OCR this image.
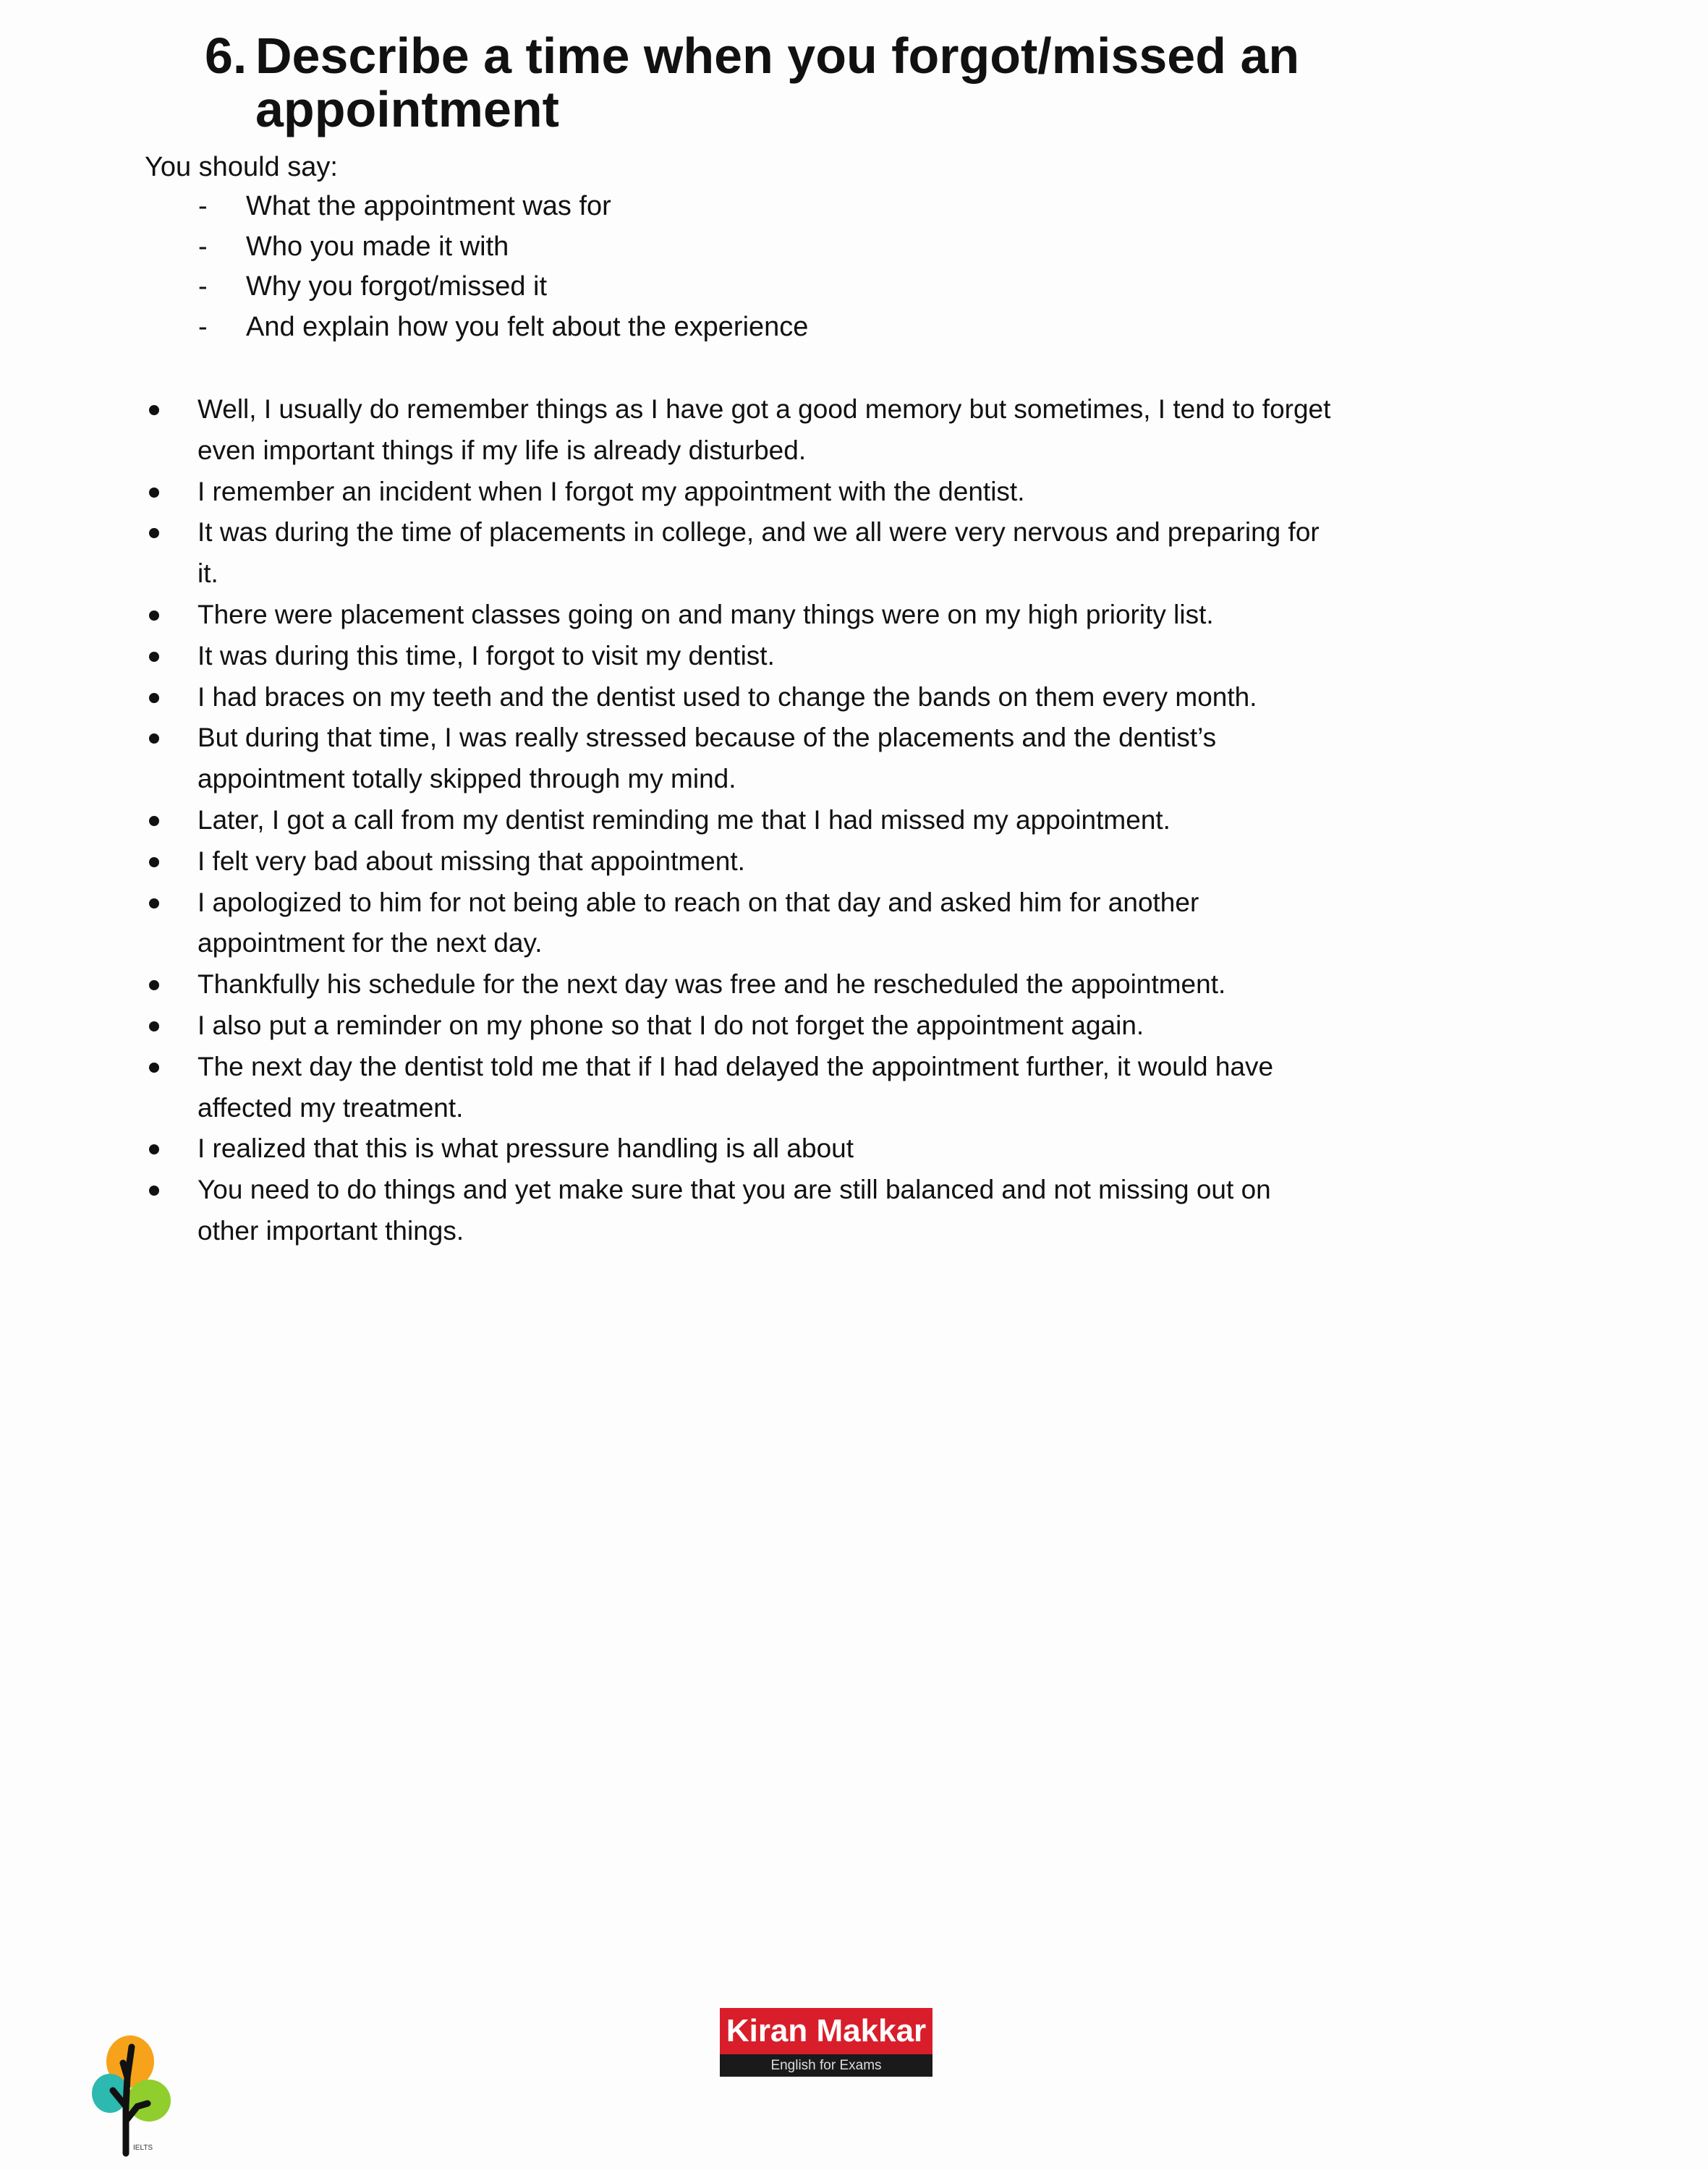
6. Describe a time when you forgot/missed an appointment
You should say:
- What the appointment was for
- Who you made it with
- Why you forgot/missed it
- And explain how you felt about the experience
Well, I usually do remember things as I have got a good memory but sometimes, I tend to forget
even important things if my life is already disturbed.
I remember an incident when I forgot my appointment with the dentist.
It was during the time of placements in college, and we all were very nervous and preparing for
it.
There were placement classes going on and many things were on my high priority list.
It was during this time, I forgot to visit my dentist.
I had braces on my teeth and the dentist used to change the bands on them every month.
But during that time, I was really stressed because of the placements and the dentist’s
appointment totally skipped through my mind.
Later, I got a call from my dentist reminding me that I had missed my appointment.
I felt very bad about missing that appointment.
I apologized to him for not being able to reach on that day and asked him for another
appointment for the next day.
Thankfully his schedule for the next day was free and he rescheduled the appointment.
I also put a reminder on my phone so that I do not forget the appointment again.
The next day the dentist told me that if I had delayed the appointment further, it would have
affected my treatment.
I realized that this is what pressure handling is all about
You need to do things and yet make sure that you are still balanced and not missing out on
other important things.
Kiran Makkar
English for Exams
IELTS
